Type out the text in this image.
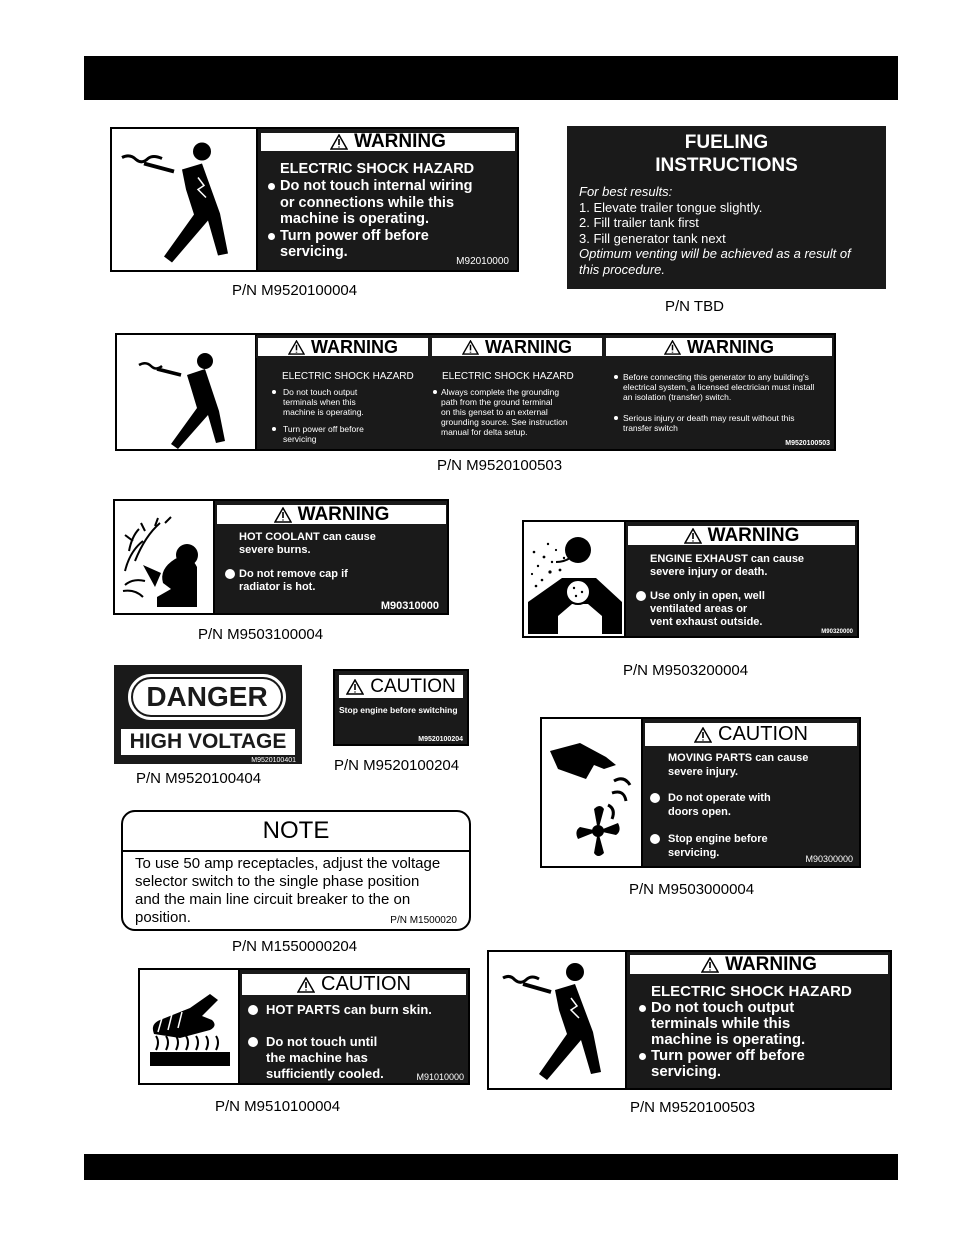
WARNING
ELECTRIC SHOCK HAZARD
Do not touch internal wiring
or connections while this
machine is operating.
Turn power off before
servicing.
M92010000
P/N M9520100004
FUELING
INSTRUCTIONS
For best results:
1. Elevate trailer tongue slightly.
2. Fill trailer tank first
3. Fill generator tank next
Optimum venting will be achieved as a result of
this procedure.
P/N TBD
WARNING	WARNING	WARNING
ELECTRIC SHOCK HAZARD
Do not touch output
terminals when this
machine is operating.
Turn power off before
servicing
ELECTRIC SHOCK HAZARD
Always complete the grounding
path from the ground terminal
on this genset to an external
grounding source. See instruction
manual for delta setup.
Before connecting this generator to any building's
electrical system, a licensed electrician must install
an isolation (transfer) switch.
Serious injury or death may result without this
transfer switch
M9520100503
P/N M9520100503
WARNING
HOT COOLANT can cause
severe burns.
Do not remove cap if
radiator is hot.
M90310000
P/N M9503100004
WARNING
ENGINE EXHAUST can cause
severe injury or death.
Use only in open, well
ventilated areas or
vent exhaust outside.
M90320000
P/N M9503200004
DANGER
HIGH VOLTAGE
M9520100401
P/N M9520100404
CAUTION
Stop engine before switching
M9520100204
P/N M9520100204
CAUTION
MOVING PARTS can cause
severe injury.
Do not operate with
doors open.
Stop engine before
servicing.	M90300000
P/N M9503000004
NOTE
To use 50 amp receptacles, adjust the voltage
selector switch to the single phase position
and the main line circuit breaker to the on
position.	P/N M1500020
P/N M1550000204
CAUTION
HOT PARTS can burn skin.
Do not touch until
the machine has
sufficiently cooled.	M91010000
P/N M9510100004
WARNING
ELECTRIC SHOCK HAZARD
Do not touch output
terminals while this
machine is operating.
Turn power off before
servicing.
P/N M9520100503
